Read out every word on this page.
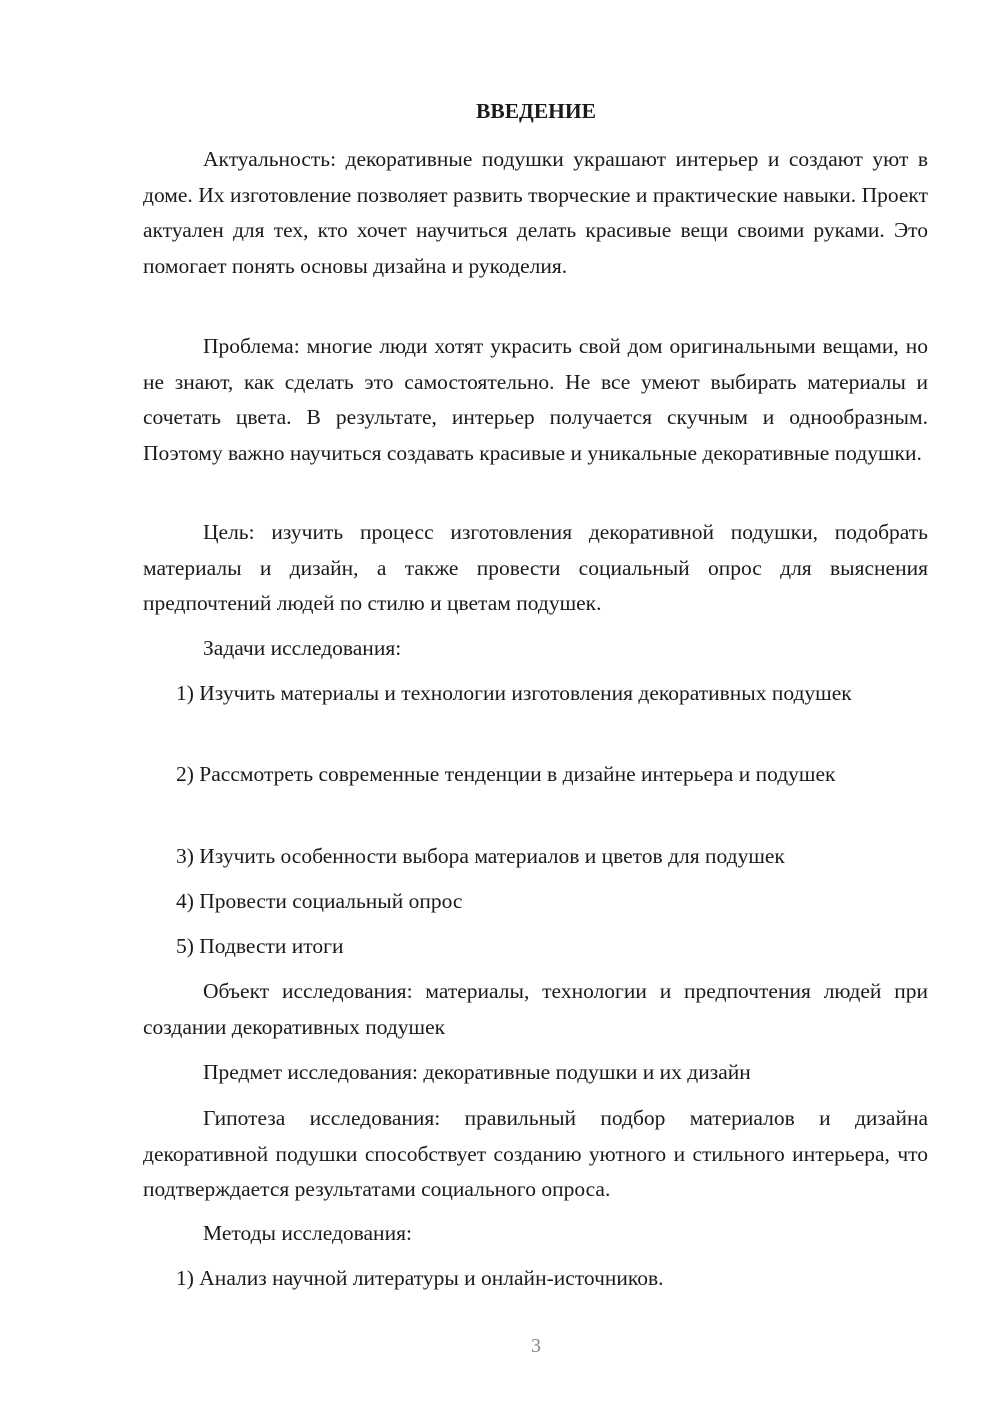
ВВЕДЕНИЕ

Актуальность: декоративные подушки украшают интерьер и создают уют в доме. Их изготовление позволяет развить творческие и практические навыки. Проект актуален для тех, кто хочет научиться делать красивые вещи своими руками. Это помогает понять основы дизайна и рукоделия.

Проблема: многие люди хотят украсить свой дом оригинальными вещами, но не знают, как сделать это самостоятельно. Не все умеют выбирать материалы и сочетать цвета. В результате, интерьер получается скучным и однообразным. Поэтому важно научиться создавать красивые и уникальные декоративные подушки.

Цель: изучить процесс изготовления декоративной подушки, подобрать материалы и дизайн, а также провести социальный опрос для выяснения предпочтений людей по стилю и цветам подушек.

Задачи исследования:

1) Изучить материалы и технологии изготовления декоративных подушек

2) Рассмотреть современные тенденции в дизайне интерьера и подушек

3) Изучить особенности выбора материалов и цветов для подушек

4) Провести социальный опрос

5) Подвести итоги

Объект исследования: материалы, технологии и предпочтения людей при создании декоративных подушек

Предмет исследования: декоративные подушки и их дизайн

Гипотеза исследования: правильный подбор материалов и дизайна декоративной подушки способствует созданию уютного и стильного интерьера, что подтверждается результатами социального опроса.

Методы исследования:

1) Анализ научной литературы и онлайн-источников.

3
